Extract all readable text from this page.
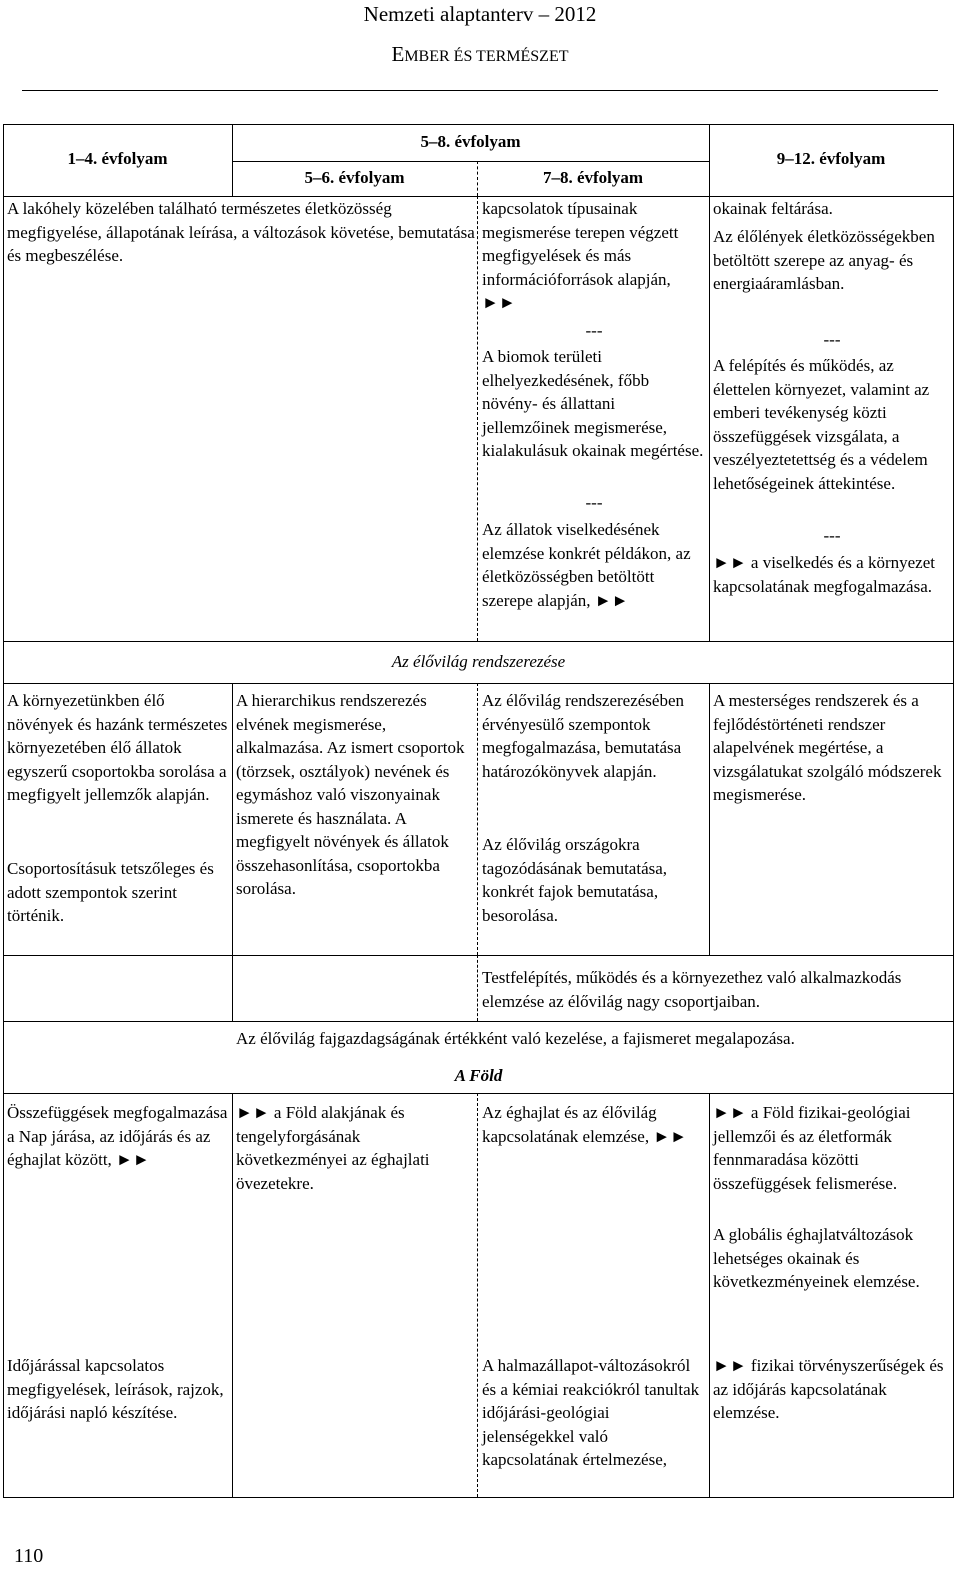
Nemzeti alaptanterv – 2012
EMBER ÉS TERMÉSZET
1–4. évfolyam
5–8. évfolyam
5–6. évfolyam	7–8. évfolyam
9–12. évfolyam
A lakóhely közelében található természetes életközösség megfigyelése, állapotának leírása, a változások követése, bemutatása és megbeszélése.
kapcsolatok típusainak megismerése terepen végzett megfigyelések és más információforrások alapján, ►►
---
A biomok területi elhelyezkedésének, főbb növény- és állattani jellemzőinek megismerése, kialakulásuk okainak megértése.
---
Az állatok viselkedésének elemzése konkrét példákon, az életközösségben betöltött szerepe alapján, ►►
okainak feltárása.
Az élőlények életközösségekben betöltött szerepe az anyag- és energiaáramlásban.
---
A felépítés és működés, az élettelen környezet, valamint az emberi tevékenység közti összefüggések vizsgálata, a veszélyeztetettség és a védelem lehetőségeinek áttekintése.
---
►► a viselkedés és a környezet kapcsolatának megfogalmazása.
Az élővilág rendszerezése
A környezetünkben élő növények és hazánk természetes környezetében élő állatok egyszerű csoportokba sorolása a megfigyelt jellemzők alapján.
Csoportosításuk tetszőleges és adott szempontok szerint történik.
A hierarchikus rendszerezés elvének megismerése, alkalmazása. Az ismert csoportok (törzsek, osztályok) nevének és egymáshoz való viszonyainak ismerete és használata. A megfigyelt növények és állatok összehasonlítása, csoportokba sorolása.
Az élővilág rendszerezésében érvényesülő szempontok megfogalmazása, bemutatása határozókönyvek alapján.
Az élővilág országokra tagozódásának bemutatása, konkrét fajok bemutatása, besorolása.
A mesterséges rendszerek és a fejlődéstörténeti rendszer alapelvének megértése, a vizsgálatukat szolgáló módszerek megismerése.
Testfelépítés, működés és a környezethez való alkalmazkodás elemzése az élővilág nagy csoportjaiban.
Az élővilág fajgazdagságának értékként való kezelése, a fajismeret megalapozása.
A Föld
Összefüggések megfogalmazása a Nap járása, az időjárás és az éghajlat között, ►►
►► a Föld alakjának és tengelyforgásának következményei az éghajlati övezetekre.
Az éghajlat és az élővilág kapcsolatának elemzése, ►►
►► a Föld fizikai-geológiai jellemzői és az életformák fennmaradása közötti összefüggések felismerése.
A globális éghajlatváltozások lehetséges okainak és következményeinek elemzése.
Időjárással kapcsolatos megfigyelések, leírások, rajzok, időjárási napló készítése.
A halmazállapot-változásokról és a kémiai reakciókról tanultak időjárási-geológiai jelenségekkel való kapcsolatának értelmezése,
►► fizikai törvényszerűségek és az időjárás kapcsolatának elemzése.
110
